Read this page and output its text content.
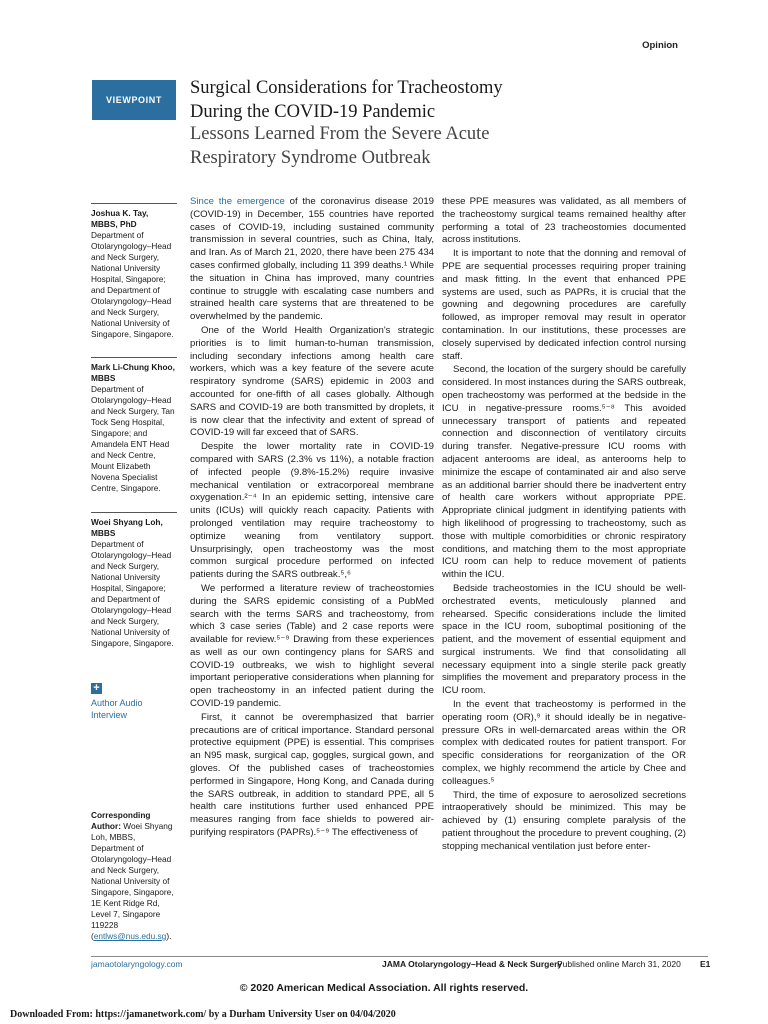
Opinion
VIEWPOINT
Surgical Considerations for Tracheostomy
During the COVID-19 Pandemic
Lessons Learned From the Severe Acute
Respiratory Syndrome Outbreak
Joshua K. Tay, MBBS, PhD
Department of Otolaryngology–Head and Neck Surgery, National University Hospital, Singapore; and Department of Otolaryngology–Head and Neck Surgery, National University of Singapore, Singapore.
Mark Li-Chung Khoo, MBBS
Department of Otolaryngology–Head and Neck Surgery, Tan Tock Seng Hospital, Singapore; and Amandela ENT Head and Neck Centre, Mount Elizabeth Novena Specialist Centre, Singapore.
Woei Shyang Loh, MBBS
Department of Otolaryngology–Head and Neck Surgery, National University Hospital, Singapore; and Department of Otolaryngology–Head and Neck Surgery, National University of Singapore, Singapore.
+
Author Audio Interview
Corresponding Author: Woei Shyang Loh, MBBS, Department of Otolaryngology–Head and Neck Surgery, National University of Singapore, Singapore, 1E Kent Ridge Rd, Level 7, Singapore 119228 (entlws@nus.edu.sg).

Since the emergence of the coronavirus disease 2019 (COVID-19) in December, 155 countries have reported cases of COVID-19, including sustained community transmission in several countries, such as China, Italy, and Iran. As of March 21, 2020, there have been 275 434 cases confirmed globally, including 11 399 deaths.¹ While the situation in China has improved, many countries continue to struggle with escalating case numbers and strained health care systems that are threatened to be overwhelmed by the pandemic.

One of the World Health Organization's strategic priorities is to limit human-to-human transmission, including secondary infections among health care workers, which was a key feature of the severe acute respiratory syndrome (SARS) epidemic in 2003 and accounted for one-fifth of all cases globally. Although SARS and COVID-19 are both transmitted by droplets, it is now clear that the infectivity and extent of spread of COVID-19 will far exceed that of SARS.

Despite the lower mortality rate in COVID-19 compared with SARS (2.3% vs 11%), a notable fraction of infected people (9.8%-15.2%) require invasive mechanical ventilation or extracorporeal membrane oxygenation.²⁻⁴ In an epidemic setting, intensive care units (ICUs) will quickly reach capacity. Patients with prolonged ventilation may require tracheostomy to optimize weaning from ventilatory support. Unsurprisingly, open tracheostomy was the most common surgical procedure performed on infected patients during the SARS outbreak.⁵,⁶

We performed a literature review of tracheostomies during the SARS epidemic consisting of a PubMed search with the terms SARS and tracheostomy, from which 3 case series (Table) and 2 case reports were available for review.⁵⁻⁹ Drawing from these experiences as well as our own contingency plans for SARS and COVID-19 outbreaks, we wish to highlight several important perioperative considerations when planning for open tracheostomy in an infected patient during the COVID-19 pandemic.

First, it cannot be overemphasized that barrier precautions are of critical importance. Standard personal protective equipment (PPE) is essential. This comprises an N95 mask, surgical cap, goggles, surgical gown, and gloves. Of the published cases of tracheostomies performed in Singapore, Hong Kong, and Canada during the SARS outbreak, in addition to standard PPE, all 5 health care institutions further used enhanced PPE measures ranging from face shields to powered air-purifying respirators (PAPRs).⁵⁻⁹ The effectiveness of

these PPE measures was validated, as all members of the tracheostomy surgical teams remained healthy after performing a total of 23 tracheostomies documented across institutions.

It is important to note that the donning and removal of PPE are sequential processes requiring proper training and mask fitting. In the event that enhanced PPE systems are used, such as PAPRs, it is crucial that the gowning and degowning procedures are carefully followed, as improper removal may result in operator contamination. In our institutions, these processes are closely supervised by dedicated infection control nursing staff.

Second, the location of the surgery should be carefully considered. In most instances during the SARS outbreak, open tracheostomy was performed at the bedside in the ICU in negative-pressure rooms.⁵⁻⁸ This avoided unnecessary transport of patients and repeated connection and disconnection of ventilatory circuits during transfer. Negative-pressure ICU rooms with adjacent anterooms are ideal, as anterooms help to minimize the escape of contaminated air and also serve as an additional barrier should there be inadvertent entry of health care workers without appropriate PPE. Appropriate clinical judgment in identifying patients with high likelihood of progressing to tracheostomy, such as those with multiple comorbidities or chronic respiratory conditions, and matching them to the most appropriate ICU room can help to reduce movement of patients within the ICU.

Bedside tracheostomies in the ICU should be well-orchestrated events, meticulously planned and rehearsed. Specific considerations include the limited space in the ICU room, suboptimal positioning of the patient, and the movement of essential equipment and surgical instruments. We find that consolidating all necessary equipment into a single sterile pack greatly simplifies the movement and preparatory process in the ICU room.

In the event that tracheostomy is performed in the operating room (OR),⁹ it should ideally be in negative-pressure ORs in well-demarcated areas within the OR complex with dedicated routes for patient transport. For specific considerations for reorganization of the OR complex, we highly recommend the article by Chee and colleagues.⁵

Third, the time of exposure to aerosolized secretions intraoperatively should be minimized. This may be achieved by (1) ensuring complete paralysis of the patient throughout the procedure to prevent coughing, (2) stopping mechanical ventilation just before enter-

jamaotolaryngology.com	JAMA Otolaryngology–Head & Neck Surgery
Published online March 31, 2020 E1
© 2020 American Medical Association. All rights reserved.
Downloaded From: https://jamanetwork.com/ by a Durham University User on 04/04/2020
